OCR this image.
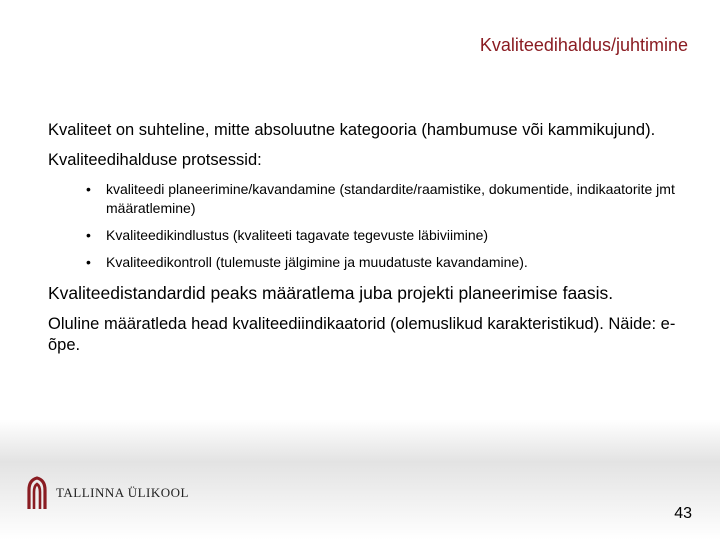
Kvaliteedihaldus/juhtimine

Kvaliteet on suhteline, mitte absoluutne kategooria (hambumuse või kammikujund).

Kvaliteedihalduse protsessid:

• kvaliteedi planeerimine/kavandamine (standardite/raamistike, dokumentide, indikaatorite jmt määratlemine)
• Kvaliteedikindlustus (kvaliteeti tagavate tegevuste läbiviimine)
• Kvaliteedikontroll (tulemuste jälgimine ja muudatuste kavandamine).

Kvaliteedistandardid peaks määratlema juba projekti planeerimise faasis.

Oluline määratleda head kvaliteediindikaatorid (olemuslikud karakteristikud). Näide: e-õpe.

TALLINNA ÜLIKOOL
43
